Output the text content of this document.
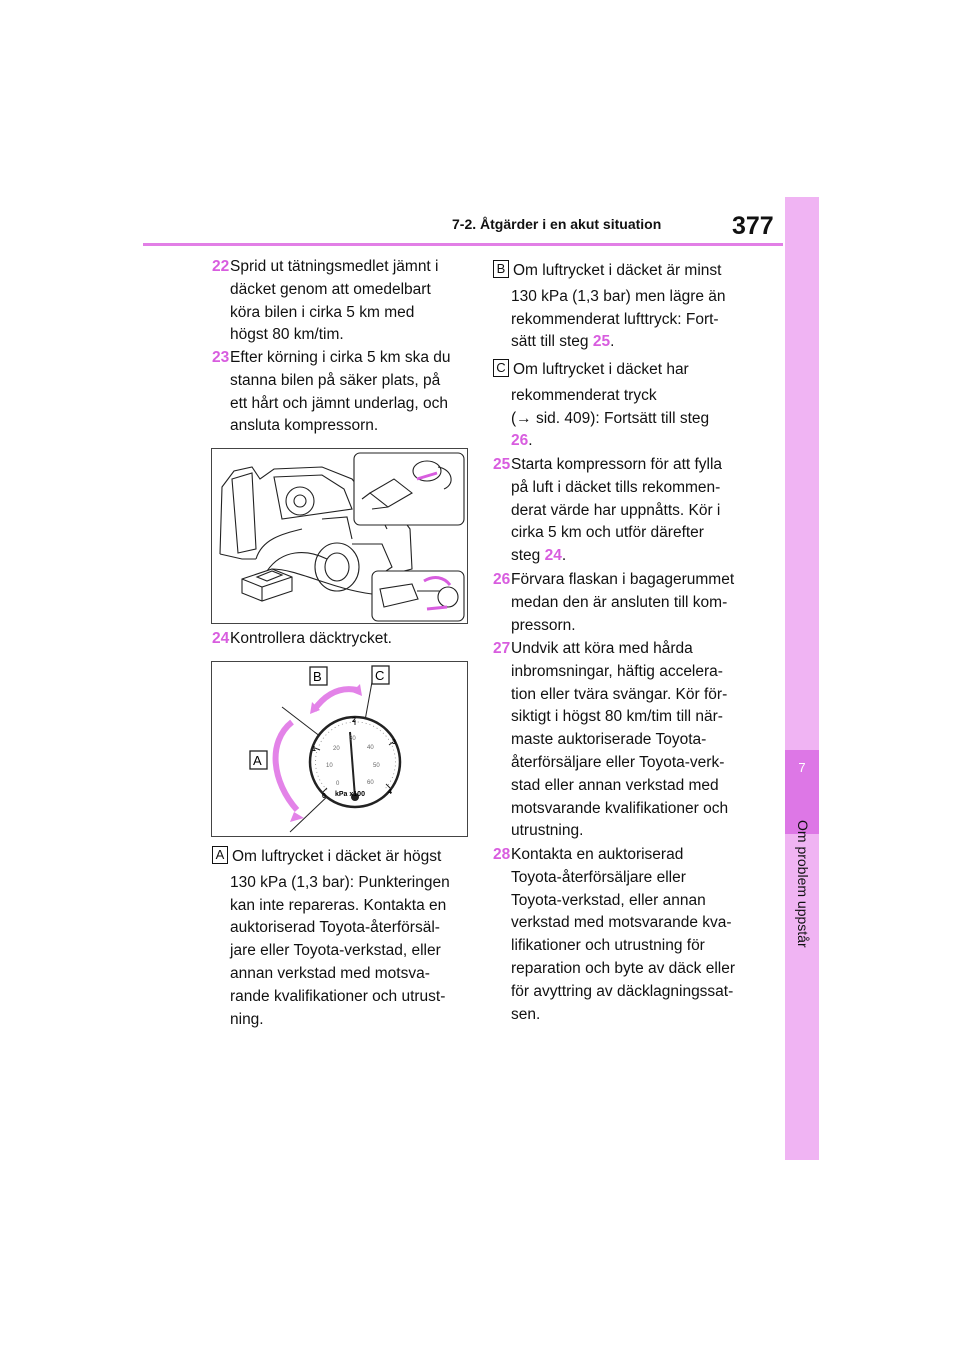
7-2. Åtgärder i en akut situation	377
7
Om problem uppstår
22 Sprid ut tätningsmedlet jämnt i
däcket genom att omedelbart
köra bilen i cirka 5 km med
högst 80 km/tim.
23 Efter körning i cirka 5 km ska du
stanna bilen på säker plats, på
ett hårt och jämnt underlag, och
ansluta kompressorn.
24 Kontrollera däcktrycket.
0
1
2
3
4
0
10
20
30
40
50
60
kPa x100
B	C
A
A Om luftrycket i däcket är högst
130 kPa (1,3 bar): Punkteringen
kan inte repareras. Kontakta en
auktoriserad Toyota-återförsäl-
jare eller Toyota-verkstad, eller
annan verkstad med motsva-
rande kvalifikationer och utrust-
ning.
B Om luftrycket i däcket är minst
130 kPa (1,3 bar) men lägre än
rekommenderat lufttryck: Fort-
sätt till steg 25.
C Om luftrycket i däcket har
rekommenderat tryck
(→ sid. 409): Fortsätt till steg
26.
25 Starta kompressorn för att fylla
på luft i däcket tills rekommen-
derat värde har uppnåtts. Kör i
cirka 5 km och utför därefter
steg 24.
26 Förvara flaskan i bagagerummet
medan den är ansluten till kom-
pressorn.
27 Undvik att köra med hårda
inbromsningar, häftig accelera-
tion eller tvära svängar. Kör för-
siktigt i högst 80 km/tim till när-
maste auktoriserade Toyota-
återförsäljare eller Toyota-verk-
stad eller annan verkstad med
motsvarande kvalifikationer och
utrustning.
28 Kontakta en auktoriserad
Toyota-återförsäljare eller
Toyota-verkstad, eller annan
verkstad med motsvarande kva-
lifikationer och utrustning för
reparation och byte av däck eller
för avyttring av däcklagningssat-
sen.
